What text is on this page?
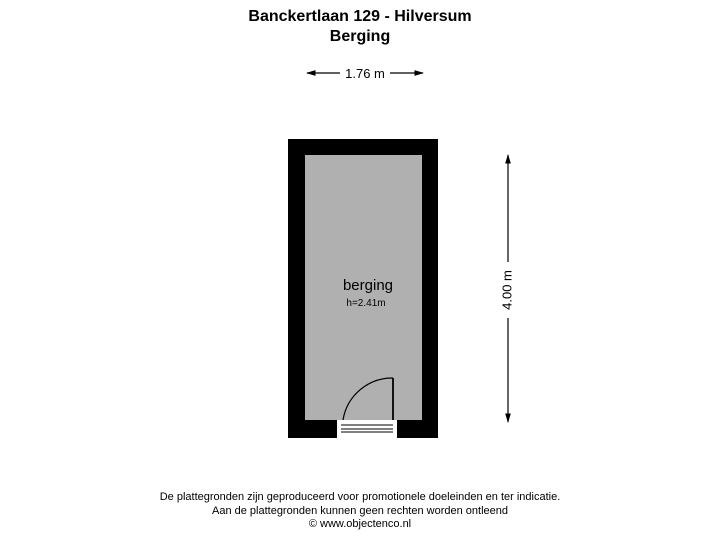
Banckertlaan 129 - Hilversum
Berging
1.76 m
4.00 m
berging
h=2.41m
De plattegronden zijn geproduceerd voor promotionele doeleinden en ter indicatie.
Aan de plattegronden kunnen geen rechten worden ontleend
© www.objectenco.nl
